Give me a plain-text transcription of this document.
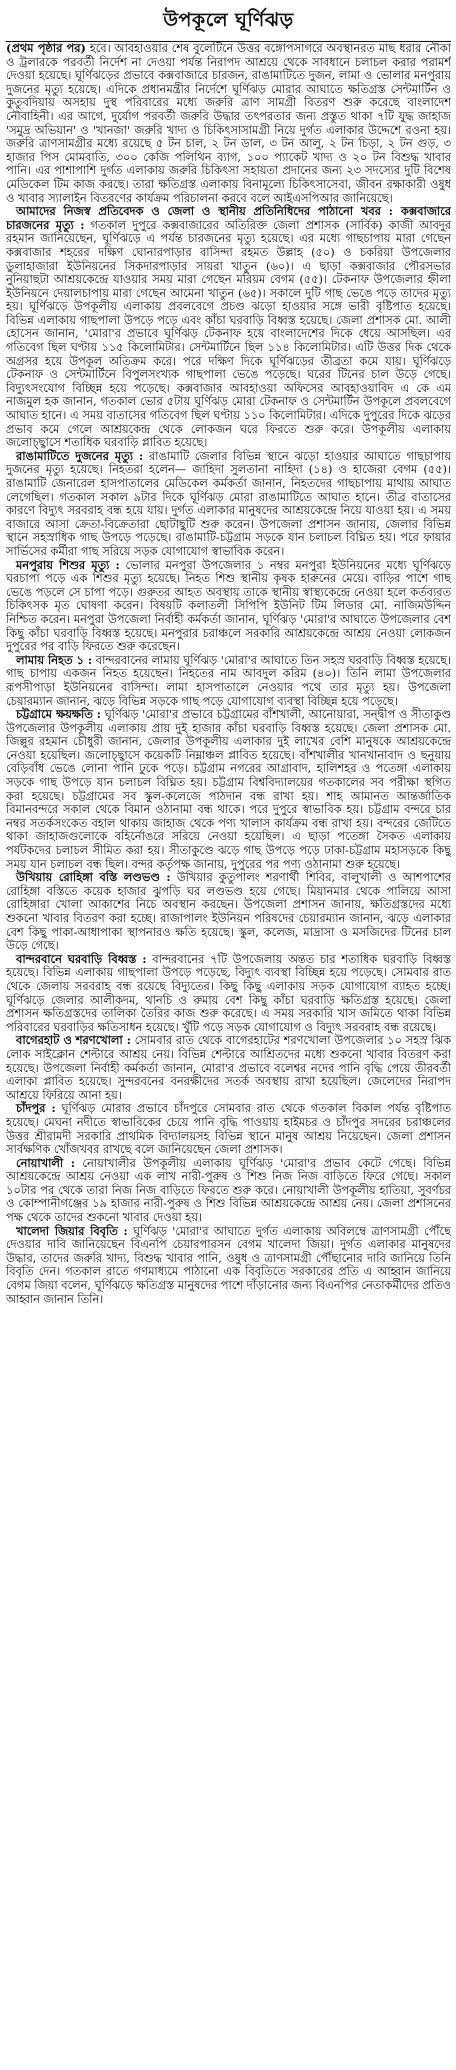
উপকূলে ঘূর্ণিঝড়

(প্রথম পৃষ্ঠার পর) হবে। আবহাওয়ার শেষ বুলেটিনে উত্তর বঙ্গোপসাগরে অবস্থানরত মাছ ধরার নৌকা ও ট্রলারকে পরবর্তী নির্দেশ না দেওয়া পর্যন্ত নিরাপদ আশ্রয়ে থেকে সাবধানে চলাচল করার পরামর্শ দেওয়া হয়েছে। ঘূর্ণিঝড়ের প্রভাবে কক্সবাজারে চারজন, রাঙামাটিতে দুজন, লামা ও ভোলার মনপুরায় দুজনের মৃত্যু হয়েছে। এদিকে প্রধানমন্ত্রীর নির্দেশে ঘূর্ণিঝড় মোরার আঘাতে ক্ষতিগ্রস্ত সেন্টমার্টিন ও কুতুবদিয়ায় অসহায় দুস্থ পরিবারের মধ্যে জরুরি ত্রাণ সামগ্রী বিতরণ শুরু করেছে বাংলাদেশ নৌবাহিনী। এর আগে, দুর্যোগ পরবর্তী জরুরি উদ্ধার তৎপরতার জন্য প্রস্তুত থাকা ৭টি যুদ্ধ জাহাজ 'সমুদ্র অভিযান' ও 'খানজা' জরুরি খাদ্য ও চিকিৎসাসামগ্রী নিয়ে দুর্গত এলাকার উদ্দেশে রওনা হয়। জরুরি ত্রাণসামগ্রীর মধ্যে রয়েছে ৫ টন চাল, ২ টন ডাল, ৩ টন আলু, ২ টন চিড়া, ২ টন গুড়, ৩ হাজার পিস মোমবাতি, ৩০০ কেজি পলিথিন ব্যাগ, ১০০ প্যাকেট খাদ্য ও ২০ টন বিশুদ্ধ খাবার পানি। এর পাশাপাশি দুর্গত এলাকায় জরুরি চিকিৎসা সহায়তা প্রদানের জন্য ২৩ সদস্যের দুটি বিশেষ মেডিকেল টিম কাজ করছে। তারা ক্ষতিগ্রস্ত এলাকায় বিনামূল্যে চিকিৎসাসেবা, জীবন রক্ষাকারী ওষুধ ও খাবার স্যালাইন বিতরণের কার্যক্রম পরিচালনা করবে বলে আইএসপিআর জানিয়েছে।

আমাদের নিজস্ব প্রতিবেদক ও জেলা ও স্থানীয় প্রতিনিধিদের পাঠানো খবর : কক্সবাজারে চারজনের মৃত্যু : গতকাল দুপুরে কক্সবাজারের অতিরিক্ত জেলা প্রশাসক (সার্বিক) কাজী আবদুর রহমান জানিয়েছেন, ঘূর্ণিঝড়ে এ পর্যন্ত চারজনের মৃত্যু হয়েছে। এর মধ্যে গাছচাপায় মারা গেছেন কক্সবাজার শহরের দক্ষিণ ঘোনারপাড়ার বাসিন্দা রহমত উল্লাহ (৫০) ও চকরিয়া উপজেলার ডুলাহাজারা ইউনিয়নের সিকদারপাড়ার সায়রা খাতুন (৬০)। এ ছাড়া কক্সবাজার পৌরসভার নুনিয়াছটা আশ্রয়কেন্দ্রে যাওয়ার সময় মারা গেছেন মরিয়ম বেগম (৫৫)। টেকনাফ উপজেলার হ্নীলা ইউনিয়নে দেয়ালচাপায় মারা গেছেন আমেনা খাতুন (৬৫)। সকালে দুটি গাছ ভেঙে পড়ে তাদের মৃত্যু হয়। ঘূর্ণিঝড়ে উপকূলীয় এলাকায় প্রবলবেগে প্রচণ্ড ঝড়ো হাওয়ার সঙ্গে ভারী বৃষ্টিপাত হয়েছে। বিভিন্ন এলাকায় গাছপালা উপড়ে পড়ে এবং কাঁচা ঘরবাড়ি বিধ্বস্ত হয়েছে। জেলা প্রশাসক মো. আলী হোসেন জানান, 'মোরা'র প্রভাবে ঘূর্ণিঝড় টেকনাফ হয়ে বাংলাদেশের দিকে ধেয়ে আসছিল। এর গতিবেগ ছিল ঘণ্টায় ১১৫ কিলোমিটার। সেন্টমার্টিনে ছিল ১১৪ কিলোমিটার। এটি উত্তর দিক থেকে অগ্রসর হয়ে উপকূল অতিক্রম করে। পরে দক্ষিণ দিকে ঘূর্ণিঝড়ের তীব্রতা কমে যায়। ঘূর্ণিঝড়ে টেকনাফ ও সেন্টমার্টিনে বিপুলসংখ্যক গাছপালা ভেঙে পড়েছে। ঘরের টিনের চাল উড়ে গেছে। বিদ্যুৎসংযোগ বিচ্ছিন্ন হয়ে পড়েছে। কক্সবাজার আবহাওয়া অফিসের আবহাওয়াবিদ এ কে এম নাজমুল হক জানান, গতকাল ভোর ৫টায় ঘূর্ণিঝড় মোরা টেকনাফ ও সেন্টমার্টিন উপকূলে প্রবলবেগে আঘাত হানে। এ সময় বাতাসের গতিবেগ ছিল ঘণ্টায় ১১০ কিলোমিটার। এদিকে দুপুরের দিকে ঝড়ের প্রভাব কমে গেলে আশ্রয়কেন্দ্র থেকে লোকজন ঘরে ফিরতে শুরু করে। উপকূলীয় এলাকায় জলোচ্ছ্বাসে শতাধিক ঘরবাড়ি প্লাবিত হয়েছে।

রাঙামাটিতে দুজনের মৃত্যু : রাঙামাটি জেলার বিভিন্ন স্থানে ঝড়ো হাওয়ার আঘাতে গাছচাপায় দুজনের মৃত্যু হয়েছে। নিহতরা হলেন— জাহিদা সুলতানা নাহিদা (১৪) ও হাজেরা বেগম (৫৫)। রাঙামাটি জেনারেল হাসপাতালের মেডিকেল কর্মকর্তা জানান, নিহতদের গাছচাপায় মাথায় আঘাত লেগেছিল। গতকাল সকাল ৯টার দিকে ঘূর্ণিঝড় মোরা রাঙামাটিতে আঘাত হানে। তীব্র বাতাসের কারণে বিদ্যুৎ সরবরাহ বন্ধ হয়ে যায়। দুর্গত এলাকার মানুষদের আশ্রয়কেন্দ্রে নিয়ে যাওয়া হয়। এ সময় বাজারে আসা ক্রেতা-বিক্রেতারা ছোটাছুটি শুরু করেন। উপজেলা প্রশাসন জানায়, জেলার বিভিন্ন স্থানে সহস্রাধিক গাছ উপড়ে পড়েছে। রাঙামাটি-চট্টগ্রাম সড়কে যান চলাচল বিঘ্নিত হয়। পরে ফায়ার সার্ভিসের কর্মীরা গাছ সরিয়ে সড়ক যোগাযোগ স্বাভাবিক করেন।

মনপুরায় শিশুর মৃত্যু : ভোলার মনপুরা উপজেলার ১ নম্বর মনপুরা ইউনিয়নের মধ্যে ঘূর্ণিঝড়ে ঘরচাপা পড়ে এক শিশুর মৃত্যু হয়েছে। নিহত শিশু স্থানীয় কৃষক হারুনের মেয়ে। বাড়ির পাশে গাছ ভেঙে পড়লে সে চাপা পড়ে। গুরুতর আহত অবস্থায় তাকে স্থানীয় স্বাস্থ্যকেন্দ্রে নেওয়া হলে কর্তব্যরত চিকিৎসক মৃত ঘোষণা করেন। বিষয়টি কলাতলী সিপিপি ইউনিট টিম লিডার মো. নাজিমউদ্দিন নিশ্চিত করেন। মনপুরা উপজেলা নির্বাহী কর্মকর্তা জানান, ঘূর্ণিঝড় 'মোরা'র আঘাতে উপজেলার বেশ কিছু কাঁচা ঘরবাড়ি বিধ্বস্ত হয়েছে। মনপুরার চরাঞ্চলে সরকারি আশ্রয়কেন্দ্রে আশ্রয় নেওয়া লোকজন দুপুরের পর বাড়ি ফিরতে শুরু করেছেন।

লামায় নিহত ১ : বান্দরবানের লামায় ঘূর্ণিঝড় 'মোরা'র আঘাতে তিন সহস্র ঘরবাড়ি বিধ্বস্ত হয়েছে। গাছ চাপায় একজন নিহত হয়েছেন। নিহতের নাম আবদুল করিম (৪০)। তিনি লামা উপজেলার রূপসীপাড়া ইউনিয়নের বাসিন্দা। লামা হাসপাতালে নেওয়ার পথে তার মৃত্যু হয়। উপজেলা চেয়ারম্যান জানান, ঝড়ে বিভিন্ন সড়কে গাছ পড়ে যোগাযোগ ব্যবস্থা বিচ্ছিন্ন হয়ে পড়েছে।

চট্টগ্রামে ক্ষয়ক্ষতি : ঘূর্ণিঝড় 'মোরা'র প্রভাবে চট্টগ্রামের বাঁশখালী, আনোয়ারা, সন্দ্বীপ ও সীতাকুণ্ড উপজেলার উপকূলীয় এলাকায় প্রায় দুই হাজার কাঁচা ঘরবাড়ি বিধ্বস্ত হয়েছে। জেলা প্রশাসক মো. জিল্লুর রহমান চৌধুরী জানান, জেলার উপকূলীয় এলাকার দুই লাখের বেশি মানুষকে আশ্রয়কেন্দ্রে নেওয়া হয়েছিল। জলোচ্ছ্বাসে কয়েকটি নিম্নাঞ্চল প্লাবিত হয়েছে। বাঁশখালীর খানখানাবাদ ও ছনুয়ায় বেড়িবাঁধ ভেঙে লোনা পানি ঢুকে পড়ে। চট্টগ্রাম নগরের আগ্রাবাদ, হালিশহর ও পতেঙ্গা এলাকায় সড়কে গাছ উপড়ে যান চলাচল বিঘ্নিত হয়। চট্টগ্রাম বিশ্ববিদ্যালয়ের গতকালের সব পরীক্ষা স্থগিত করা হয়েছে। চট্টগ্রামের সব স্কুল-কলেজে পাঠদান বন্ধ রাখা হয়। শাহ আমানত আন্তর্জাতিক বিমানবন্দরে সকাল থেকে বিমান ওঠানামা বন্ধ থাকে। পরে দুপুরে স্বাভাবিক হয়। চট্টগ্রাম বন্দরে চার নম্বর সতর্কসংকেত বহাল থাকায় জাহাজ থেকে পণ্য খালাস কার্যক্রম বন্ধ রাখা হয়। বন্দরের জেটিতে থাকা জাহাজগুলোকে বহির্নোঙরে সরিয়ে নেওয়া হয়েছিল। এ ছাড়া পতেঙ্গা সৈকত এলাকায় পর্যটকদের চলাচল সীমিত করা হয়। সীতাকুণ্ডে ঝড়ে গাছ উপড়ে পড়ে ঢাকা-চট্টগ্রাম মহাসড়কে কিছু সময় যান চলাচল বন্ধ ছিল। বন্দর কর্তৃপক্ষ জানায়, দুপুরের পর পণ্য ওঠানামা শুরু হয়েছে।

উখিয়ায় রোহিঙ্গা বস্তি লণ্ডভণ্ড : উখিয়ার কুতুপালং শরণার্থী শিবির, বালুখালী ও আশপাশের রোহিঙ্গা বস্তিতে কয়েক হাজার ঝুপড়ি ঘর লণ্ডভণ্ড হয়ে গেছে। মিয়ানমার থেকে পালিয়ে আসা রোহিঙ্গারা খোলা আকাশের নিচে অবস্থান করছেন। উপজেলা প্রশাসন জানায়, ক্ষতিগ্রস্তদের মধ্যে শুকনো খাবার বিতরণ করা হচ্ছে। রাজাপালং ইউনিয়ন পরিষদের চেয়ারম্যান জানান, ঝড়ে এলাকার বেশ কিছু পাকা-আধাপাকা স্থাপনারও ক্ষতি হয়েছে। স্কুল, কলেজ, মাদ্রাসা ও মসজিদের টিনের চাল উড়ে গেছে।

বান্দরবানে ঘরবাড়ি বিধ্বস্ত : বান্দরবানের ৭টি উপজেলায় অন্তত চার শতাধিক ঘরবাড়ি বিধ্বস্ত হয়েছে। বিভিন্ন এলাকায় গাছপালা উপড়ে পড়েছে, বিদ্যুৎ ব্যবস্থা বিচ্ছিন্ন হয়ে পড়েছে। সোমবার রাত থেকে জেলায় সরবরাহ বন্ধ রয়েছে বিদ্যুতের। কিছু কিছু এলাকায় সড়ক যোগাযোগ ব্যাহত হচ্ছে। ঘূর্ণিঝড়ে জেলার আলীকদম, থানচি ও রুমায় বেশ কিছু কাঁচা ঘরবাড়ি ক্ষতিগ্রস্ত হয়েছে। জেলা প্রশাসন ক্ষতিগ্রস্তদের তালিকা তৈরির কাজ শুরু করেছে। এ সময় সরকারি খাস জমিতে থাকা বিভিন্ন পরিবারের ঘরবাড়ির ক্ষতিসাধন হয়েছে। খুঁটি পড়ে সড়ক যোগাযোগ ও বিদ্যুৎ সরবরাহ বন্ধ রয়েছে।

বাগেরহাট ও শরণখোলা : সোমবার রাত থেকে বাগেরহাটের শরণখোলা উপজেলার ১০ সহস্র ঝিক লোক সাইক্লোন শেল্টারে আশ্রয় নেয়। বিভিন্ন শেল্টারে আশ্রিতদের মধ্যে শুকনো খাবার বিতরণ করা হয়েছে। উপজেলা নির্বাহী কর্মকর্তা জানান, মোরা'র প্রভাবে বলেশ্বর নদের পানি বৃদ্ধি পেয়ে তীরবর্তী এলাকা প্লাবিত হয়েছে। সুন্দরবনের বনরক্ষীদের সতর্ক অবস্থায় রাখা হয়েছিল। জেলেদের নিরাপদ আশ্রয়ে ফিরিয়ে আনা হয়।

চাঁদপুর : ঘূর্ণিঝড় মোরার প্রভাবে চাঁদপুরে সোমবার রাত থেকে গতকাল বিকাল পর্যন্ত বৃষ্টিপাত হয়েছে। মেঘনা নদীতে স্বাভাবিকের চেয়ে পানি বৃদ্ধি পাওয়ায় হাইমচর ও চাঁদপুর সদরের চরাঞ্চলের উত্তর শ্রীরামদী সরকারি প্রাথমিক বিদ্যালয়সহ বিভিন্ন স্থানে মানুষ আশ্রয় নিয়েছেন। জেলা প্রশাসন সার্বক্ষণিক খোঁজখবর রাখছে বলে জানিয়েছেন জেলা প্রশাসক।

নোয়াখালী : নোয়াখালীর উপকূলীয় এলাকায় ঘূর্ণিঝড় 'মোরা'র প্রভাব কেটে গেছে। বিভিন্ন আশ্রয়কেন্দ্রে আশ্রয় নেওয়া এক লাখ নারী-পুরুষ ও শিশু নিজ নিজ বাড়িতে ফিরে গেছে। সকাল ১০টার পর থেকে তারা নিজ নিজ বাড়িতে ফিরতে শুরু করে। নোয়াখালী উপকূলীয় হাতিয়া, সুবর্ণচর ও কোম্পানীগঞ্জের ১৯ হাজার নারী-পুরুষ ও শিশু বিভিন্ন আশ্রয়কেন্দ্রে আশ্রয় নেয়। জেলা প্রশাসনের পক্ষ থেকে তাদের শুকনো খাবার দেওয়া হয়।

খালেদা জিয়ার বিবৃতি : ঘূর্ণিঝড় 'মোরা'র আঘাতে দুর্গত এলাকায় অবিলম্বে ত্রাণসামগ্রী পৌঁছে দেওয়ার দাবি জানিয়েছেন বিএনপি চেয়ারপারসন বেগম খালেদা জিয়া। দুর্গত এলাকার মানুষদের উদ্ধার, তাদের জরুরি খাদ্য, বিশুদ্ধ খাবার পানি, ওষুধ ও ত্রাণসামগ্রী পৌঁছানোর দাবি জানিয়ে তিনি বিবৃতি দেন। গতকাল রাতে গণমাধ্যমে পাঠানো এক বিবৃতিতে সরকারের প্রতি এ আহ্বান জানিয়ে বেগম জিয়া বলেন, ঘূর্ণিঝড়ে ক্ষতিগ্রস্ত মানুষদের পাশে দাঁড়ানোর জন্য বিএনপির নেতাকর্মীদের প্রতিও আহ্বান জানান তিনি।
